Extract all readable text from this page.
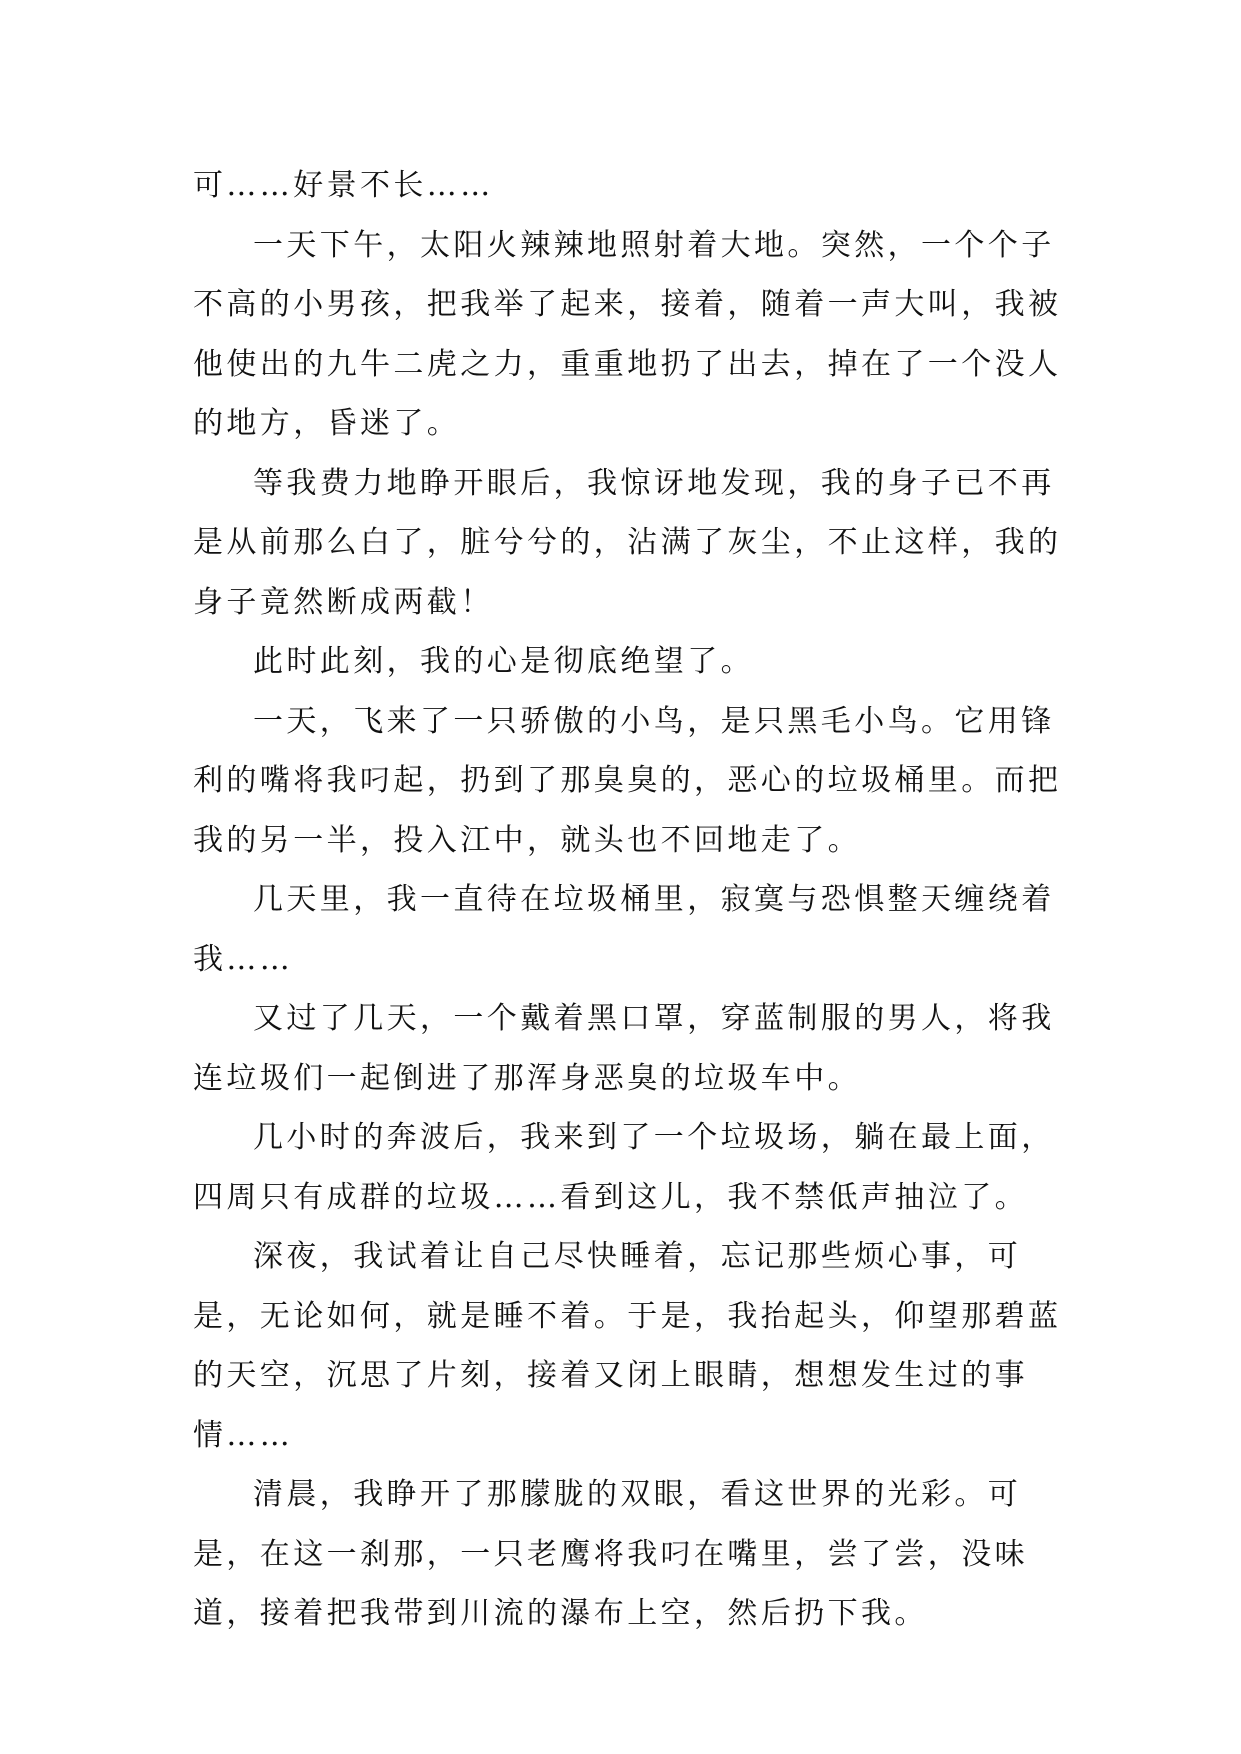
可……好景不长……

一天下午，太阳火辣辣地照射着大地。突然，一个个子不高的小男孩，把我举了起来，接着，随着一声大叫，我被他使出的九牛二虎之力，重重地扔了出去，掉在了一个没人的地方，昏迷了。

等我费力地睁开眼后，我惊讶地发现，我的身子已不再是从前那么白了，脏兮兮的，沾满了灰尘，不止这样，我的身子竟然断成两截！

此时此刻，我的心是彻底绝望了。

一天，飞来了一只骄傲的小鸟，是只黑毛小鸟。它用锋利的嘴将我叼起，扔到了那臭臭的，恶心的垃圾桶里。而把我的另一半，投入江中，就头也不回地走了。

几天里，我一直待在垃圾桶里，寂寞与恐惧整天缠绕着我……

又过了几天，一个戴着黑口罩，穿蓝制服的男人，将我连垃圾们一起倒进了那浑身恶臭的垃圾车中。

几小时的奔波后，我来到了一个垃圾场，躺在最上面，四周只有成群的垃圾……看到这儿，我不禁低声抽泣了。

深夜，我试着让自己尽快睡着，忘记那些烦心事，可是，无论如何，就是睡不着。于是，我抬起头，仰望那碧蓝的天空，沉思了片刻，接着又闭上眼睛，想想发生过的事情……

清晨，我睁开了那朦胧的双眼，看这世界的光彩。可是，在这一刹那，一只老鹰将我叼在嘴里，尝了尝，没味道，接着把我带到川流的瀑布上空，然后扔下我。
